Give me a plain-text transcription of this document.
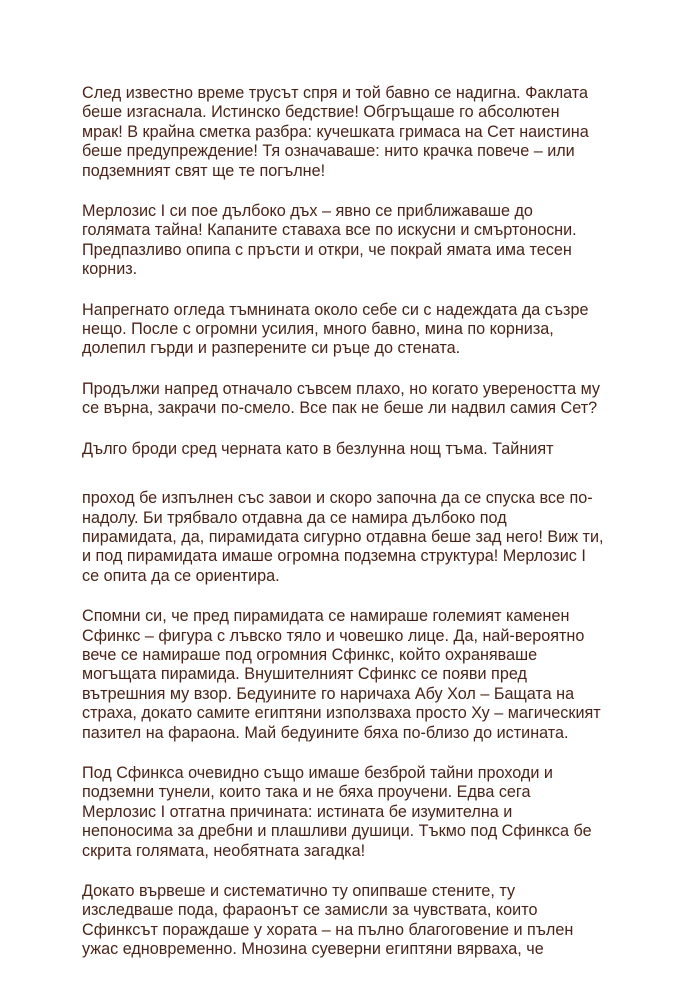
След известно време трусът спря и той бавно се надигна. Факлата
беше изгаснала. Истинско бедствие! Обгръщаше го абсолютен
мрак! В крайна сметка разбра: кучешката гримаса на Сет наистина
беше предупреждение! Тя означаваше: нито крачка повече – или
подземният свят ще те погълне!

Мерлозис I си пое дълбоко дъх – явно се приближаваше до
голямата тайна! Капаните ставаха все по искусни и смъртоносни.
Предпазливо опипа с пръсти и откри, че покрай ямата има тесен
корниз.

Напрегнато огледа тъмнината около себе си с надеждата да съзре
нещо. После с огромни усилия, много бавно, мина по корниза,
долепил гърди и разперените си ръце до стената.

Продължи напред отначало съвсем плахо, но когато увереността му
се върна, закрачи по-смело. Все пак не беше ли надвил самия Сет?

Дълго броди сред черната като в безлунна нощ тъма. Тайният

проход бе изпълнен със завои и скоро започна да се спуска все по-
надолу. Би трябвало отдавна да се намира дълбоко под
пирамидата, да, пирамидата сигурно отдавна беше зад него! Виж ти,
и под пирамидата имаше огромна подземна структура! Мерлозис I
се опита да се ориентира.

Спомни си, че пред пирамидата се намираше големият каменен
Сфинкс – фигура с лъвско тяло и човешко лице. Да, най-вероятно
вече се намираше под огромния Сфинкс, който охраняваше
могъщата пирамида. Внушителният Сфинкс се появи пред
вътрешния му взор. Бедуините го наричаха Абу Хол – Бащата на
страха, докато самите египтяни използваха просто Ху – магическият
пазител на фараона. Май бедуините бяха по-близо до истината.

Под Сфинкса очевидно също имаше безброй тайни проходи и
подземни тунели, които така и не бяха проучени. Едва сега
Мерлозис I отгатна причината: истината бе изумителна и
непоносима за дребни и плашливи душици. Тъкмо под Сфинкса бе
скрита голямата, необятната загадка!

Докато вървеше и систематично ту опипваше стените, ту
изследваше пода, фараонът се замисли за чувствата, които
Сфинксът пораждаше у хората – на пълно благоговение и пълен
ужас едновременно. Мнозина суеверни египтяни вярваха, че
